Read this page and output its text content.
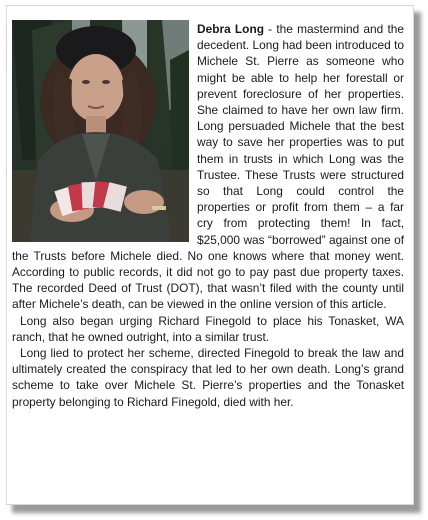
Debra Long - the mastermind and the decedent. Long had been introduced to Michele St. Pierre as someone who might be able to help her forestall or prevent foreclosure of her properties. She claimed to have her own law firm. Long persuaded Michele that the best way to save her properties was to put them in trusts in which Long was the Trustee. These Trusts were structured so that Long could control the properties or profit from them – a far cry from protecting them! In fact, $25,000 was “borrowed” against one of the Trusts before Michele died. No one knows where that money went. According to public records, it did not go to pay past due property taxes. The recorded Deed of Trust (DOT), that wasn’t filed with the county until after Michele’s death, can be viewed in the online version of this article.

Long also began urging Richard Finegold to place his Tonasket, WA ranch, that he owned outright, into a similar trust.

Long lied to protect her scheme, directed Finegold to break the law and ultimately created the conspiracy that led to her own death. Long’s grand scheme to take over Michele St. Pierre’s properties and the Tonasket property belonging to Richard Finegold, died with her.
